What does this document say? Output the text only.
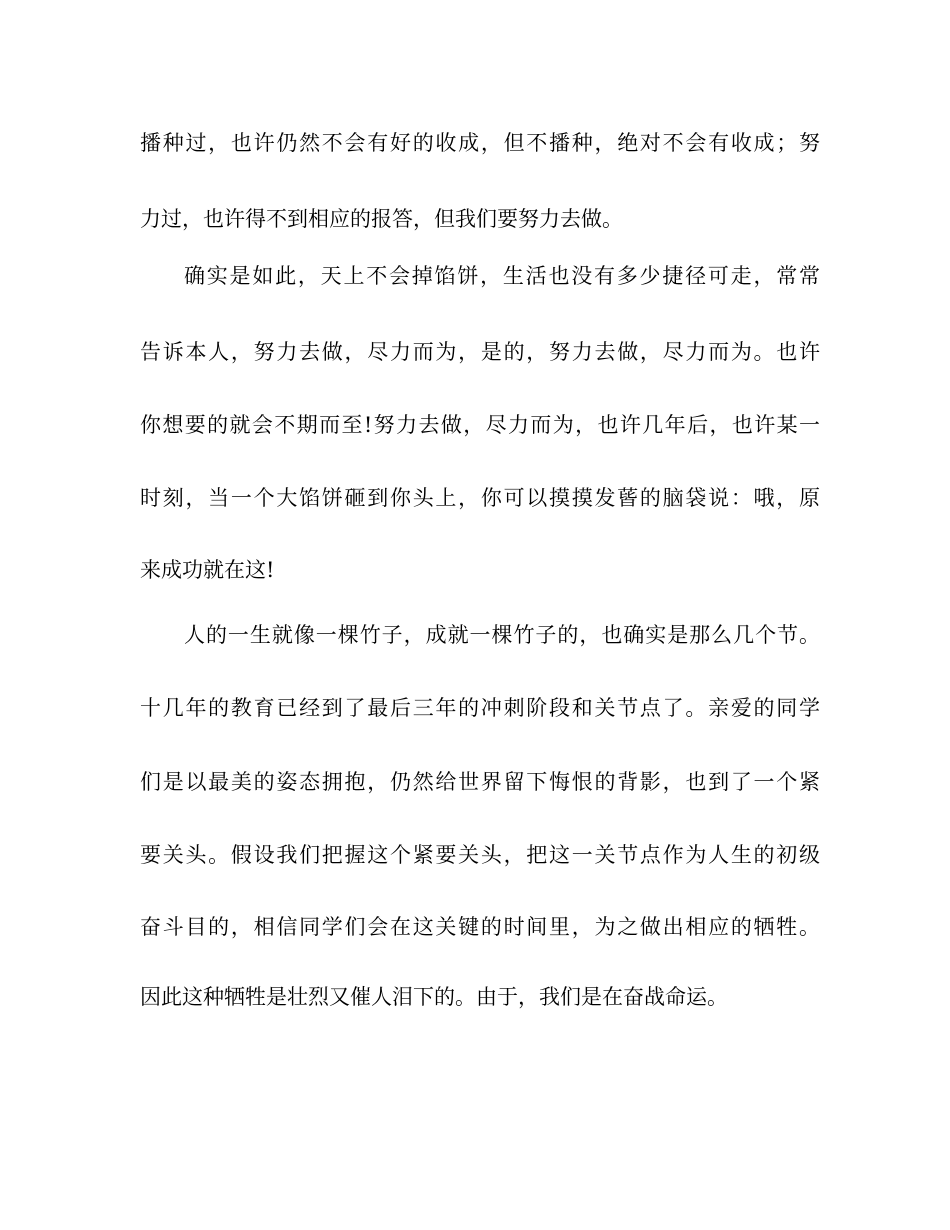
播种过，也许仍然不会有好的收成，但不播种，绝对不会有收成；努
力过，也许得不到相应的报答，但我们要努力去做。
确实是如此，天上不会掉馅饼，生活也没有多少捷径可走，常常
告诉本人，努力去做，尽力而为，是的，努力去做，尽力而为。也许
你想要的就会不期而至!努力去做，尽力而为，也许几年后，也许某一
时刻，当一个大馅饼砸到你头上，你可以摸摸发蒈的脑袋说：哦，原
来成功就在这!
人的一生就像一棵竹子，成就一棵竹子的，也确实是那么几个节。
十几年的教育已经到了最后三年的冲刺阶段和关节点了。亲爱的同学
们是以最美的姿态拥抱，仍然给世界留下悔恨的背影，也到了一个紧
要关头。假设我们把握这个紧要关头，把这一关节点作为人生的初级
奋斗目的，相信同学们会在这关键的时间里，为之做出相应的牺牲。
因此这种牺牲是壮烈又催人泪下的。由于，我们是在奋战命运。
